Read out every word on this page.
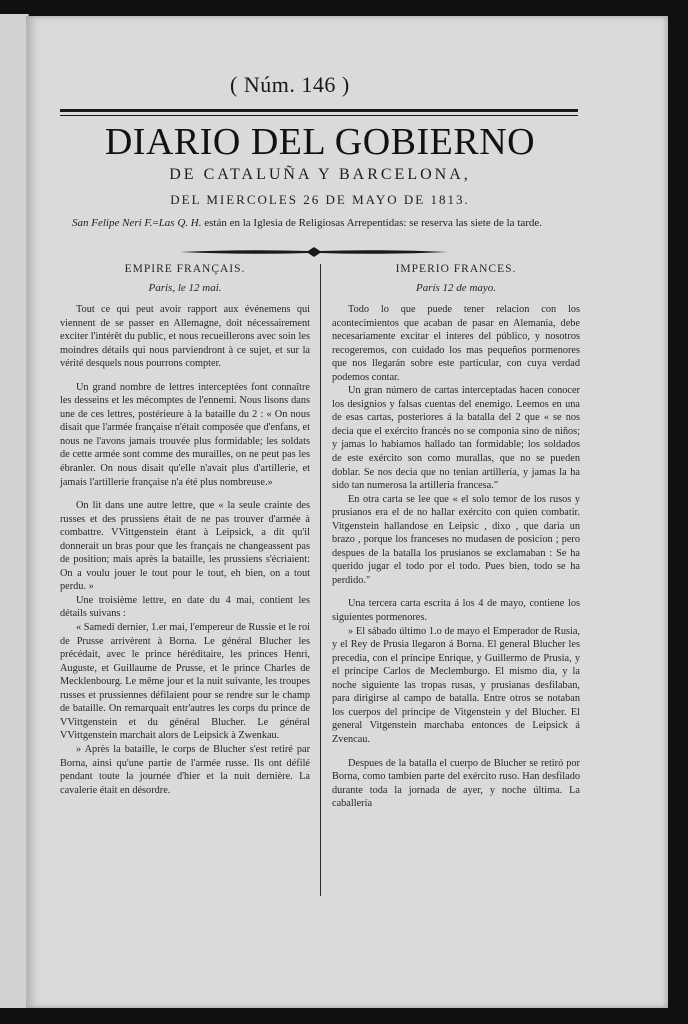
( Núm. 146 )
DIARIO DEL GOBIERNO
DE CATALUÑA Y BARCELONA,
DEL MIERCOLES 26 DE MAYO DE 1813.
San Felipe Neri F.=Las Q. H. están en la Iglesia de Religiosas Arrepentidas: se reserva las siete de la tarde.
EMPIRE FRANÇAIS.
Paris, le 12 mai.

Tout ce qui peut avoir rapport aux événemens qui viennent de se passer en Allemagne, doit nécessairement exciter l'intérêt du public, et nous recueillerons avec soin les moindres détails qui nous parviendront à ce sujet, et sur la vérité desquels nous pourrons compter.

Un grand nombre de lettres interceptées font connaître les desseins et les mécomptes de l'ennemi. Nous lisons dans une de ces lettres, postérieure à la bataille du 2 : « On nous disait que l'armée française n'était composée que d'enfans, et nous ne l'avons jamais trouvée plus formidable; les soldats de cette armée sont comme des murailles, on ne peut pas les ébranler. On nous disait qu'elle n'avait plus d'artillerie, et jamais l'artillerie française n'a été plus nombreuse.»

On lit dans une autre lettre, que « la seule crainte des russes et des prussiens était de ne pas trouver d'armée à combattre. VVittgenstein étant à Leipsick, a dit qu'il donnerait un bras pour que les français ne changeassent pas de position; mais après la bataille, les prussiens s'écriaient: On a voulu jouer le tout pour le tout, eh bien, on a tout perdu. »

Une troisième lettre, en date du 4 mai, contient les détails suivans :

« Samedi dernier, 1.er mai, l'empereur de Russie et le roi de Prusse arrivèrent à Borna. Le général Blucher les précédait, avec le prince héréditaire, les princes Henri, Auguste, et Guillaume de Prusse, et le prince Charles de Mecklenbourg. Le même jour et la nuit suivante, les troupes russes et prussiennes défilaient pour se rendre sur le champ de bataille. On remarquait entr'autres les corps du prince de VVittgenstein et du général Blucher. Le général VVittgenstein marchait alors de Leipsick à Zwenkau.

» Après la bataille, le corps de Blucher s'est retiré par Borna, ainsi qu'une partie de l'armée russe. Ils ont défilé pendant toute la journée d'hier et la nuit dernière. La cavalerie était en désordre.

IMPERIO FRANCES.
París 12 de mayo.

Todo lo que puede tener relacion con los acontecimientos que acaban de pasar en Alemania, debe necesariamente excitar el interes del público, y nosotros recogeremos, con cuidado los mas pequeños pormenores que nos llegarán sobre este particular, con cuya verdad podemos contar.

Un gran número de cartas interceptadas hacen conocer los designios y falsas cuentas del enemigo. Leemos en una de esas cartas, posteriores á la batalla del 2 que « se nos decia que el exército francés no se componia sino de niños; y jamas lo habiamos hallado tan formidable; los soldados de este exército son como murallas, que no se pueden doblar. Se nos decia que no tenian artillería, y jamas la ha sido tan numerosa la artillería francesa."

En otra carta se lee que « el solo temor de los rusos y prusianos era el de no hallar exército con quien combatir. Vitgenstein hallandose en Leipsic , dixo , que daria un brazo , porque los franceses no mudasen de posicion ; pero despues de la batalla los prusianos se exclamaban : Se ha querido jugar el todo por el todo. Pues bien, todo se ha perdido."

Una tercera carta escrita á los 4 de mayo, contiene los siguientes pormenores.

» El sábado último 1.o de mayo el Emperador de Rusia, y el Rey de Prusia llegaron á Borna. El general Blucher les precedia, con el príncipe Enrique, y Guillermo de Prusia, y el príncipe Carlos de Meclemburgo. El mismo dia, y la noche siguiente las tropas rusas, y prusianas desfilaban, para dirigirse al campo de batalla. Entre otros se notaban los cuerpos del príncipe de Vitgenstein y del Blucher. El general Vitgenstein marchaba entonces de Leipsick á Zvencau.

Despues de la batalla el cuerpo de Blucher se retiró por Borna, como tambien parte del exército ruso. Han desfilado durante toda la jornada de ayer, y noche última. La caballería
